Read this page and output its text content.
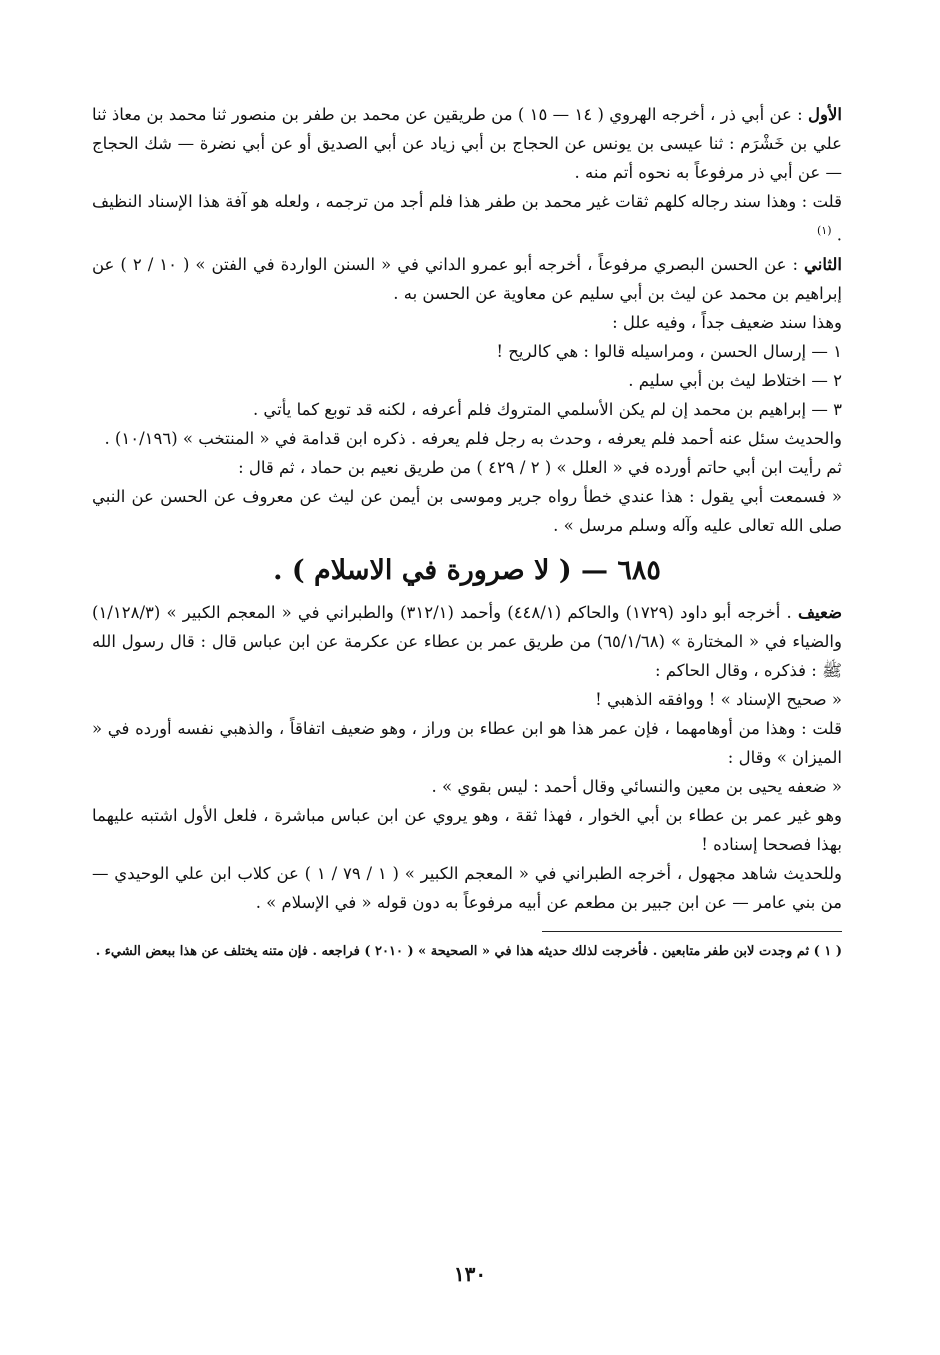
الأول : عن أبي ذر ، أخرجه الهروي ( ١٤ — ١٥ ) من طريقين عن محمد بن طفر بن منصور ثنا محمد بن معاذ ثنا علي بن خَشْرَم : ثنا عيسى بن يونس عن الحجاج بن أبي زياد عن أبي الصديق أو عن أبي نضرة — شك الحجاج — عن أبي ذر مرفوعاً به نحوه أتم منه .

قلت : وهذا سند رجاله كلهم ثقات غير محمد بن طفر هذا فلم أجد من ترجمه ، ولعله هو آفة هذا الإسناد النظيف . $^{(١)}$

الثاني : عن الحسن البصري مرفوعاً ، أخرجه أبو عمرو الداني في « السنن الواردة في الفتن » ( ١٠ / ٢ ) عن إبراهيم بن محمد عن ليث بن أبي سليم عن معاوية عن الحسن به .

وهذا سند ضعيف جداً ، وفيه علل :

١ — إرسال الحسن ، ومراسيله قالوا : هي كالريح !

٢ — اختلاط ليث بن أبي سليم .

٣ — إبراهيم بن محمد إن لم يكن الأسلمي المتروك فلم أعرفه ، لكنه قد توبع كما يأتي .

والحديث سئل عنه أحمد فلم يعرفه ، وحدث به رجل فلم يعرفه . ذكره ابن قدامة في « المنتخب » (١٠/١٩٦) .

ثم رأيت ابن أبي حاتم أورده في « العلل » ( ٢ / ٤٢٩ ) من طريق نعيم بن حماد ، ثم قال :

« فسمعت أبي يقول : هذا عندي خطأ رواه جرير وموسى بن أيمن عن ليث عن معروف عن الحسن عن النبي صلى الله تعالى عليه وآله وسلم مرسل » .

٦٨٥ — ( لا صرورة في الاسلام ) .

ضعيف . أخرجه أبو داود (١٧٢٩) والحاكم (٤٤٨/١) وأحمد (٣١٢/١) والطبراني في « المعجم الكبير » (١/١٢٨/٣) والضياء في « المختارة » (٦٥/١/٦٨) من طريق عمر بن عطاء عن عكرمة عن ابن عباس قال : قال رسول الله ﷺ : فذكره ، وقال الحاكم :

« صحيح الإسناد » ! ووافقه الذهبي !

قلت : وهذا من أوهامهما ، فإن عمر هذا هو ابن عطاء بن وراز ، وهو ضعيف اتفاقاً ، والذهبي نفسه أورده في « الميزان » وقال :

« ضعفه يحيى بن معين والنسائي وقال أحمد : ليس بقوي » .

وهو غير عمر بن عطاء بن أبي الخوار ، فهذا ثقة ، وهو يروي عن ابن عباس مباشرة ، فلعل الأول اشتبه عليهما بهذا فصححا إسناده !

وللحديث شاهد مجهول ، أخرجه الطبراني في « المعجم الكبير » ( ١ / ٧٩ / ١ ) عن كلاب ابن علي الوحيدي — من بني عامر — عن ابن جبير بن مطعم عن أبيه مرفوعاً به دون قوله « في الإسلام » .

( ١ ) ثم وجدت لابن طفر متابعين . فأخرجت لذلك حديثه هذا في « الصحيحة » ( ٢٠١٠ ) فراجعه . فإن متنه يختلف عن هذا ببعض الشيء .

١٣٠
